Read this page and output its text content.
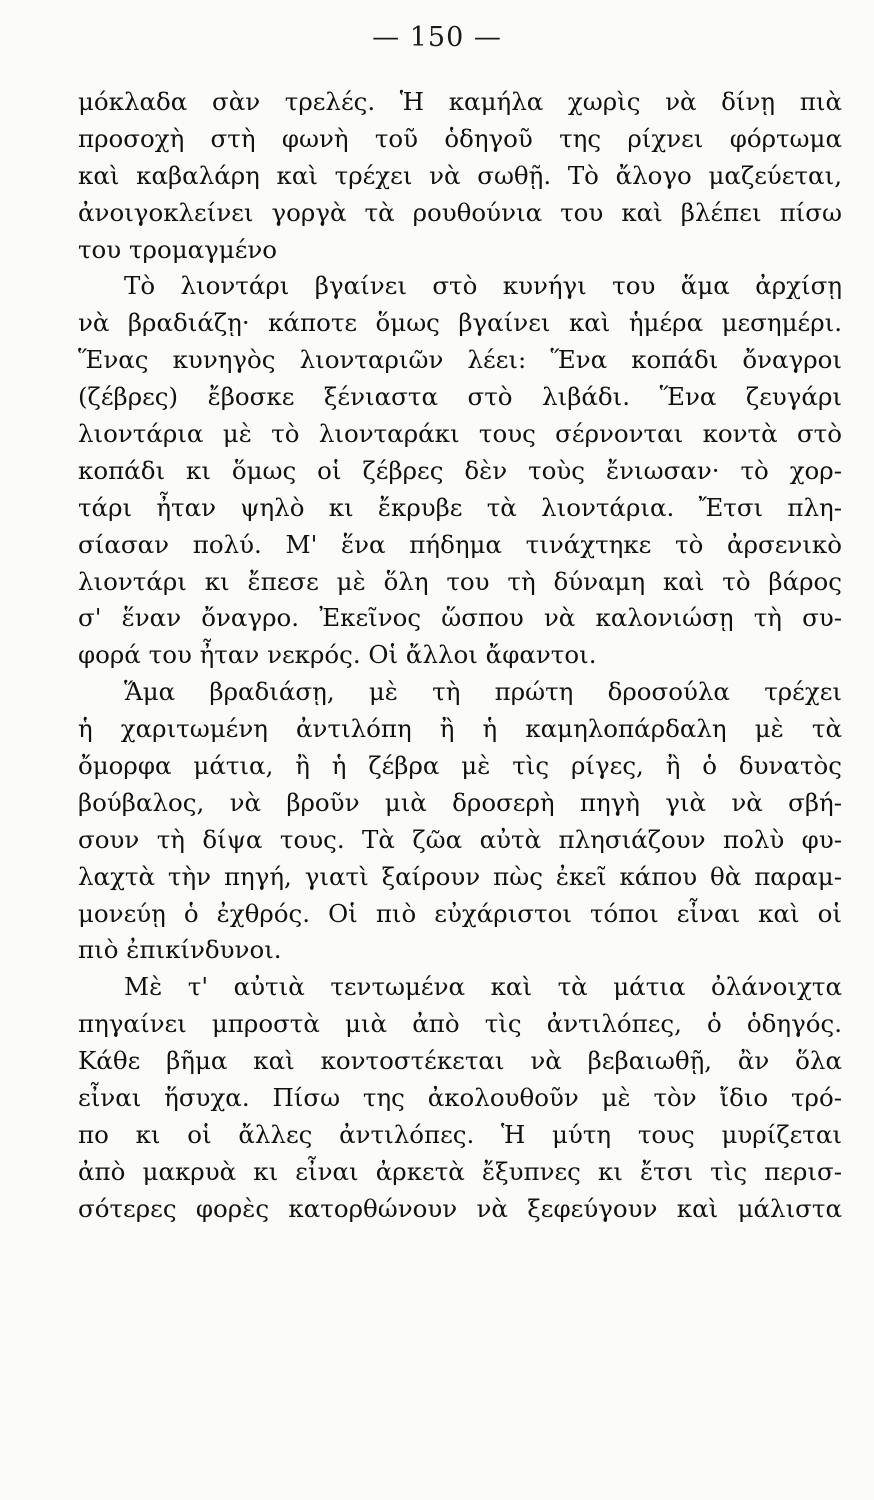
— 150 —
μόκλαδα σὰν τρελές. Ἡ καμήλα χωρὶς νὰ δίνῃ πιὰ
προσοχὴ στὴ φωνὴ τοῦ ὁδηγοῦ της ρίχνει φόρτωμα
καὶ καβαλάρη καὶ τρέχει νὰ σωθῇ. Τὸ ἄλογο μαζεύεται,
ἀνοιγοκλείνει γοργὰ τὰ ρουθούνια του καὶ βλέπει πίσω
του τρομαγμένο
Τὸ λιοντάρι βγαίνει στὸ κυνήγι του ἅμα ἀρχίσῃ
νὰ βραδιάζῃ· κάποτε ὅμως βγαίνει καὶ ἡμέρα μεσημέρι.
Ἕνας κυνηγὸς λιονταριῶν λέει: Ἕνα κοπάδι ὄναγροι
(ζέβρες) ἔβοσκε ξένιαστα στὸ λιβάδι. Ἕνα ζευγάρι
λιοντάρια μὲ τὸ λιονταράκι τους σέρνονται κοντὰ στὸ
κοπάδι κι ὅμως οἱ ζέβρες δὲν τοὺς ἔνιωσαν· τὸ χορ-
τάρι ἦταν ψηλὸ κι ἔκρυβε τὰ λιοντάρια. Ἔτσι πλη-
σίασαν πολύ. Μ' ἕνα πήδημα τινάχτηκε τὸ ἀρσενικὸ
λιοντάρι κι ἔπεσε μὲ ὅλη του τὴ δύναμη καὶ τὸ βάρος
σ' ἕναν ὄναγρο. Ἐκεῖνος ὥσπου νὰ καλονιώσῃ τὴ συ-
φορά του ἦταν νεκρός. Οἱ ἄλλοι ἄφαντοι.
Ἅμα βραδιάσῃ, μὲ τὴ πρώτη δροσούλα τρέχει
ἡ χαριτωμένη ἀντιλόπη ἢ ἡ καμηλοπάρδαλη μὲ τὰ
ὄμορφα μάτια, ἢ ἡ ζέβρα μὲ τὶς ρίγες, ἢ ὁ δυνατὸς
βούβαλος, νὰ βροῦν μιὰ δροσερὴ πηγὴ γιὰ νὰ σβή-
σουν τὴ δίψα τους. Τὰ ζῶα αὐτὰ πλησιάζουν πολὺ φυ-
λαχτὰ τὴν πηγή, γιατὶ ξαίρουν πὼς ἐκεῖ κάπου θὰ παραμ-
μονεύῃ ὁ ἐχθρός. Οἱ πιὸ εὐχάριστοι τόποι εἶναι καὶ οἱ
πιὸ ἐπικίνδυνοι.
Μὲ τ' αὐτιὰ τεντωμένα καὶ τὰ μάτια ὀλάνοιχτα
πηγαίνει μπροστὰ μιὰ ἀπὸ τὶς ἀντιλόπες, ὁ ὁδηγός.
Κάθε βῆμα καὶ κοντοστέκεται νὰ βεβαιωθῇ, ἂν ὅλα
εἶναι ἥσυχα. Πίσω της ἀκολουθοῦν μὲ τὸν ἴδιο τρό-
πο κι οἱ ἄλλες ἀντιλόπες. Ἡ μύτη τους μυρίζεται
ἀπὸ μακρυὰ κι εἶναι ἀρκετὰ ἔξυπνες κι ἔτσι τὶς περισ-
σότερες φορὲς κατορθώνουν νὰ ξεφεύγουν καὶ μάλιστα
